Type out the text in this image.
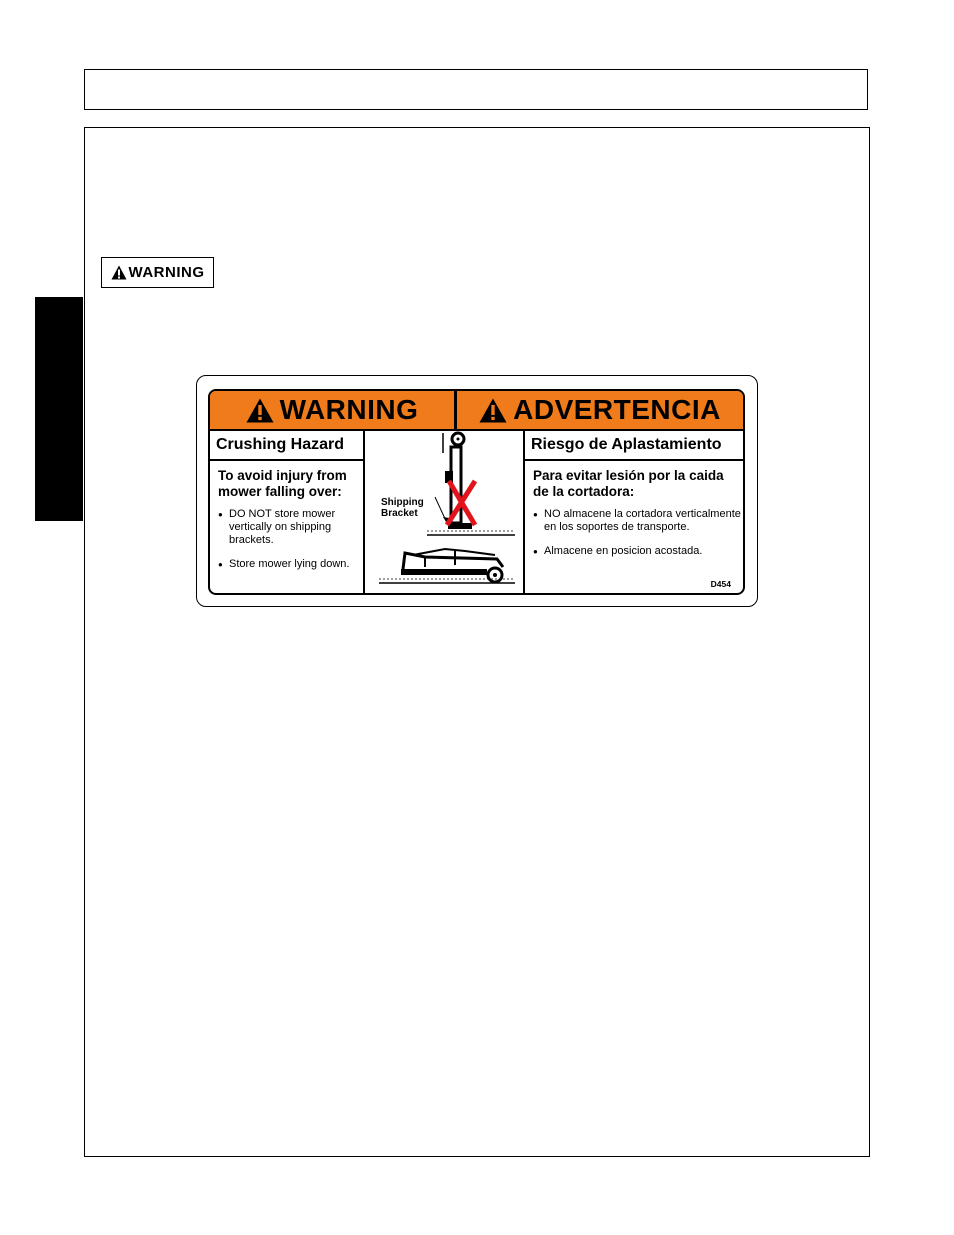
WARNING
WARNING	ADVERTENCIA
Crushing Hazard
To avoid injury from mower falling over:
● DO NOT store mower vertically on shipping brackets.
● Store mower lying down.
Shipping
Bracket
Riesgo de Aplastamiento
Para evitar lesión por la caida de la cortadora:
● NO almacene la cortadora verticalmente en los soportes de transporte.
● Almacene en posicion acostada.
D454
